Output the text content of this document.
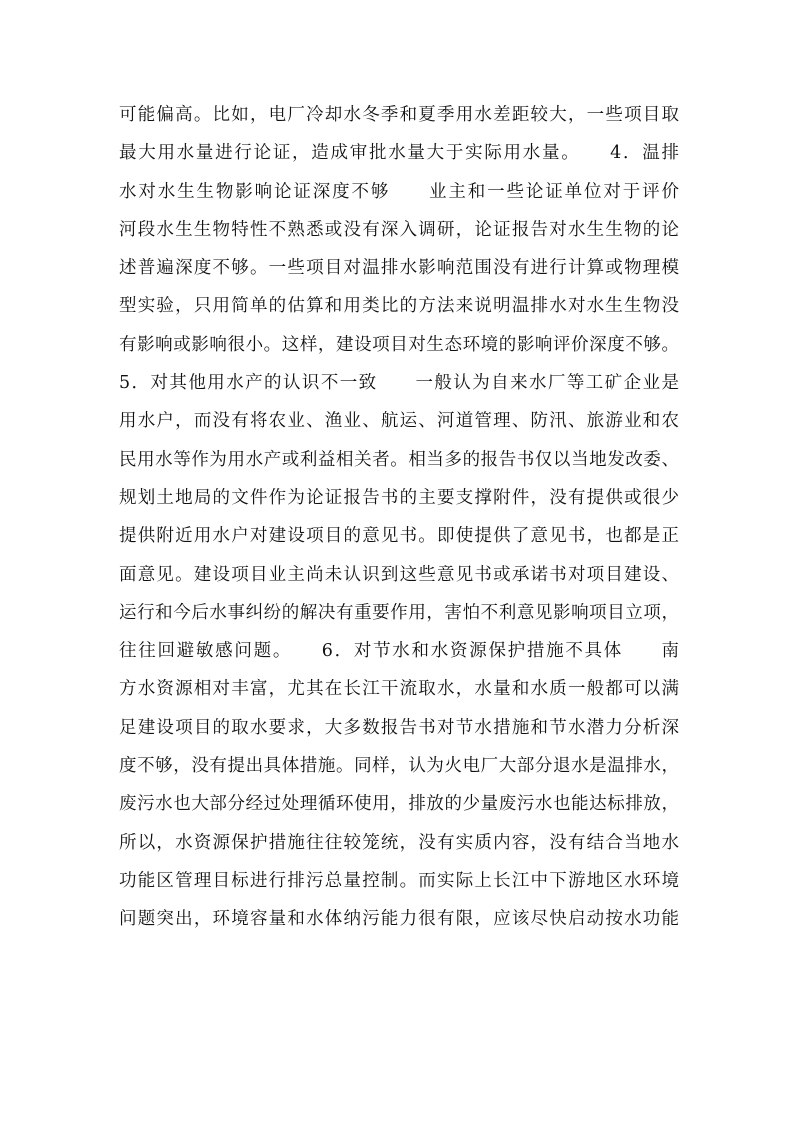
可能偏高。比如，电厂冷却水冬季和夏季用水差距较大，一些项目取
最大用水量进行论证，造成审批水量大于实际用水量。　　4．温排
水对水生生物影响论证深度不够　　业主和一些论证单位对于评价
河段水生生物特性不熟悉或没有深入调研，论证报告对水生生物的论
述普遍深度不够。一些项目对温排水影响范围没有进行计算或物理模
型实验，只用简单的估算和用类比的方法来说明温排水对水生生物没
有影响或影响很小。这样，建设项目对生态环境的影响评价深度不够。
5．对其他用水产的认识不一致　　一般认为自来水厂等工矿企业是
用水户，而没有将农业、渔业、航运、河道管理、防汛、旅游业和农
民用水等作为用水产或利益相关者。相当多的报告书仅以当地发改委、
规划土地局的文件作为论证报告书的主要支撑附件，没有提供或很少
提供附近用水户对建设项目的意见书。即使提供了意见书，也都是正
面意见。建设项目业主尚未认识到这些意见书或承诺书对项目建设、
运行和今后水事纠纷的解决有重要作用，害怕不利意见影响项目立项，
往往回避敏感问题。　　6．对节水和水资源保护措施不具体　　南
方水资源相对丰富，尤其在长江干流取水，水量和水质一般都可以满
足建设项目的取水要求，大多数报告书对节水措施和节水潜力分析深
度不够，没有提出具体措施。同样，认为火电厂大部分退水是温排水，
废污水也大部分经过处理循环使用，排放的少量废污水也能达标排放，
所以，水资源保护措施往往较笼统，没有实质内容，没有结合当地水
功能区管理目标进行排污总量控制。而实际上长江中下游地区水环境
问题突出，环境容量和水体纳污能力很有限，应该尽快启动按水功能
